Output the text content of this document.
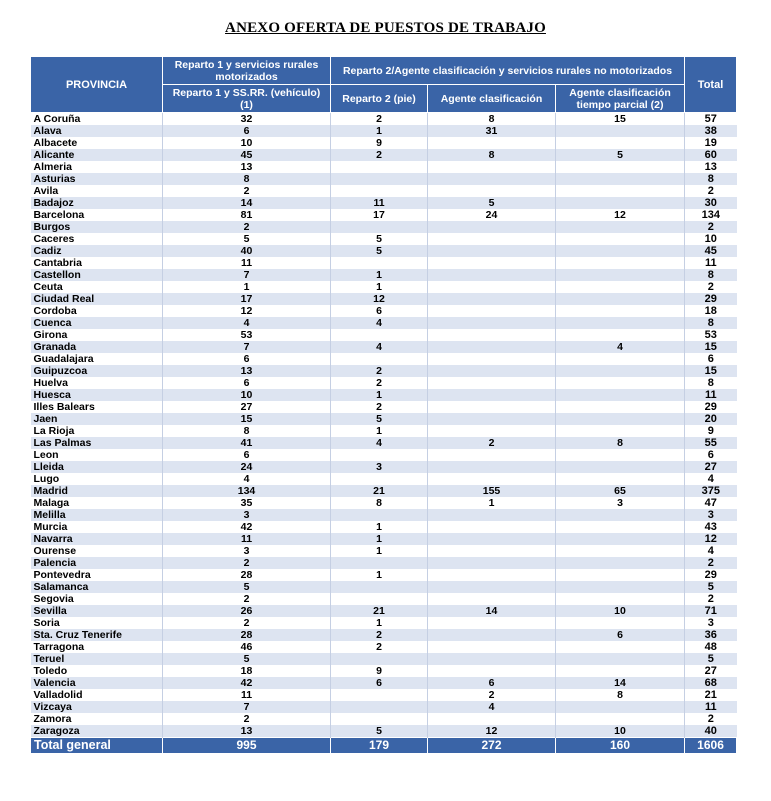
ANEXO OFERTA DE PUESTOS DE TRABAJO
PROVINCIA	Reparto 1 y servicios rurales motorizados	Reparto 2/Agente clasificación y servicios rurales no motorizados			Total
	Reparto 1 y SS.RR. (vehículo) (1)	Reparto 2 (pie)	Agente clasificación	Agente clasificación tiempo parcial (2)	
A Coruña	32	2	8	15	57
Alava	6	1	31		38
Albacete	10	9			19
Alicante	45	2	8	5	60
Almeria	13				13
Asturias	8				8
Avila	2				2
Badajoz	14	11	5		30
Barcelona	81	17	24	12	134
Burgos	2				2
Caceres	5	5			10
Cadiz	40	5			45
Cantabria	11				11
Castellon	7	1			8
Ceuta	1	1			2
Ciudad Real	17	12			29
Cordoba	12	6			18
Cuenca	4	4			8
Girona	53				53
Granada	7	4		4	15
Guadalajara	6				6
Guipuzcoa	13	2			15
Huelva	6	2			8
Huesca	10	1			11
Illes Balears	27	2			29
Jaen	15	5			20
La Rioja	8	1			9
Las Palmas	41	4	2	8	55
Leon	6				6
Lleida	24	3			27
Lugo	4				4
Madrid	134	21	155	65	375
Malaga	35	8	1	3	47
Melilla	3				3
Murcia	42	1			43
Navarra	11	1			12
Ourense	3	1			4
Palencia	2				2
Pontevedra	28	1			29
Salamanca	5				5
Segovia	2				2
Sevilla	26	21	14	10	71
Soria	2	1			3
Sta. Cruz Tenerife	28	2		6	36
Tarragona	46	2			48
Teruel	5				5
Toledo	18	9			27
Valencia	42	6	6	14	68
Valladolid	11		2	8	21
Vizcaya	7		4		11
Zamora	2				2
Zaragoza	13	5	12	10	40
Total general	995	179	272	160	1606
